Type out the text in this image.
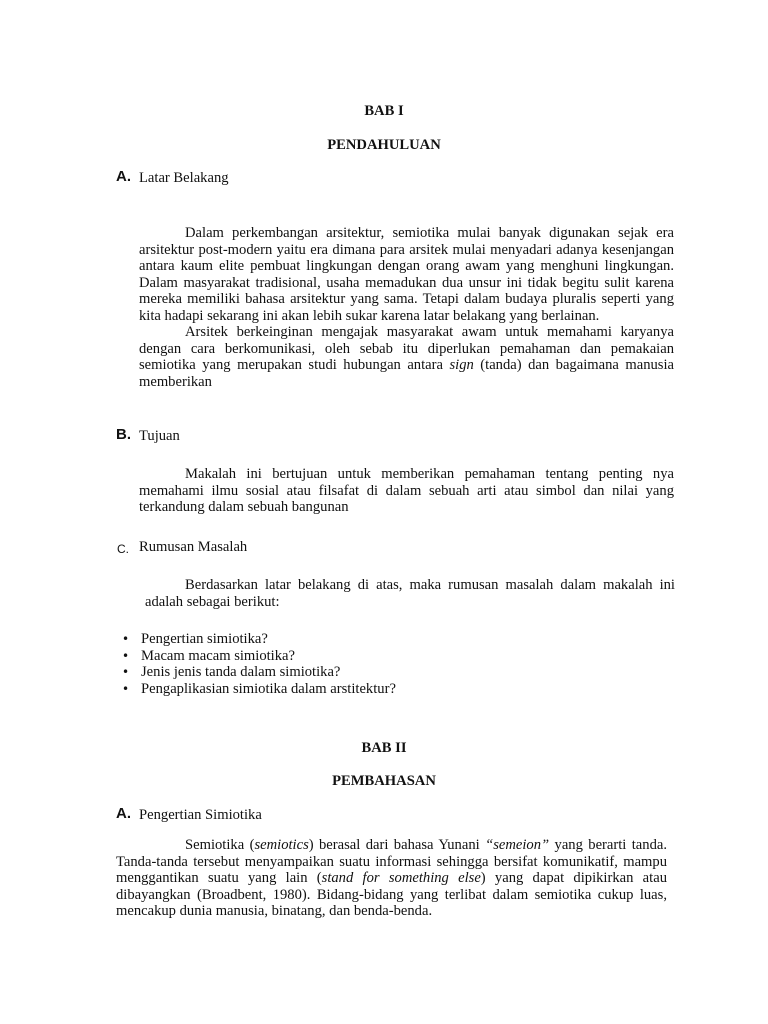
BAB I
PENDAHULUAN
A. Latar Belakang

Dalam perkembangan arsitektur, semiotika mulai banyak digunakan sejak era arsitektur post-modern yaitu era dimana para arsitek mulai menyadari adanya kesenjangan antara kaum elite pembuat lingkungan dengan orang awam yang menghuni lingkungan. Dalam masyarakat tradisional, usaha memadukan dua unsur ini tidak begitu sulit karena mereka memiliki bahasa arsitektur yang sama. Tetapi dalam budaya pluralis seperti yang kita hadapi sekarang ini akan lebih sukar karena latar belakang yang berlainan.

Arsitek berkeinginan mengajak masyarakat awam untuk memahami karyanya dengan cara berkomunikasi, oleh sebab itu diperlukan pemahaman dan pemakaian semiotika yang merupakan studi hubungan antara sign (tanda) dan bagaimana manusia memberikan

B. Tujuan

Makalah ini bertujuan untuk memberikan pemahaman tentang penting nya memahami ilmu sosial atau filsafat di dalam sebuah arti atau simbol dan nilai yang terkandung dalam sebuah bangunan

C. Rumusan Masalah
Berdasarkan latar belakang di atas, maka rumusan masalah dalam makalah ini
adalah sebagai berikut:
• Pengertian simiotika?
• Macam macam simiotika?
• Jenis jenis tanda dalam simiotika?
• Pengaplikasian simiotika dalam arstitektur?
BAB II
PEMBAHASAN
A. Pengertian Simiotika

Semiotika (semiotics) berasal dari bahasa Yunani “semeion” yang berarti tanda. Tanda-tanda tersebut menyampaikan suatu informasi sehingga bersifat komunikatif, mampu menggantikan suatu yang lain (stand for something else) yang dapat dipikirkan atau dibayangkan (Broadbent, 1980). Bidang-bidang yang terlibat dalam semiotika cukup luas, mencakup dunia manusia, binatang, dan benda-benda.
